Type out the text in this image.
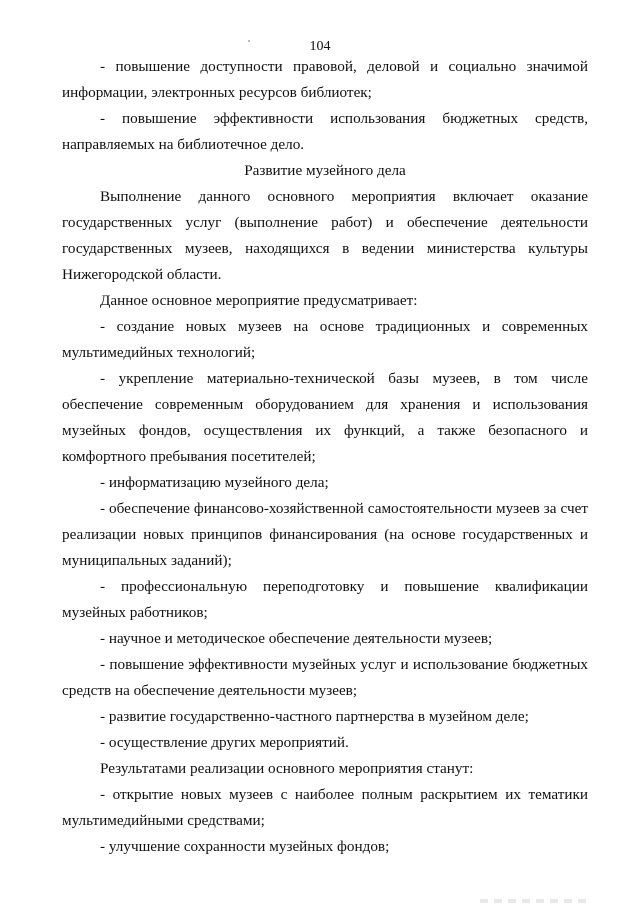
104

- повышение доступности правовой, деловой и социально значимой информации, электронных ресурсов библиотек;

- повышение эффективности использования бюджетных средств, направляемых на библиотечное дело.

Развитие музейного дела

Выполнение данного основного мероприятия включает оказание государственных услуг (выполнение работ) и обеспечение деятельности государственных музеев, находящихся в ведении министерства культуры Нижегородской области.

Данное основное мероприятие предусматривает:

- создание новых музеев на основе традиционных и современных мультимедийных технологий;

- укрепление материально-технической базы музеев, в том числе обеспечение современным оборудованием для хранения и использования музейных фондов, осуществления их функций, а также безопасного и комфортного пребывания посетителей;

- информатизацию музейного дела;

- обеспечение финансово-хозяйственной самостоятельности музеев за счет реализации новых принципов финансирования (на основе государственных и муниципальных заданий);

- профессиональную переподготовку и повышение квалификации музейных работников;

- научное и методическое обеспечение деятельности музеев;

- повышение эффективности музейных услуг и использование бюджетных средств на обеспечение деятельности музеев;

- развитие государственно-частного партнерства в музейном деле;

- осуществление других мероприятий.

Результатами реализации основного мероприятия станут:

- открытие новых музеев с наиболее полным раскрытием их тематики мультимедийными средствами;

- улучшение сохранности музейных фондов;
